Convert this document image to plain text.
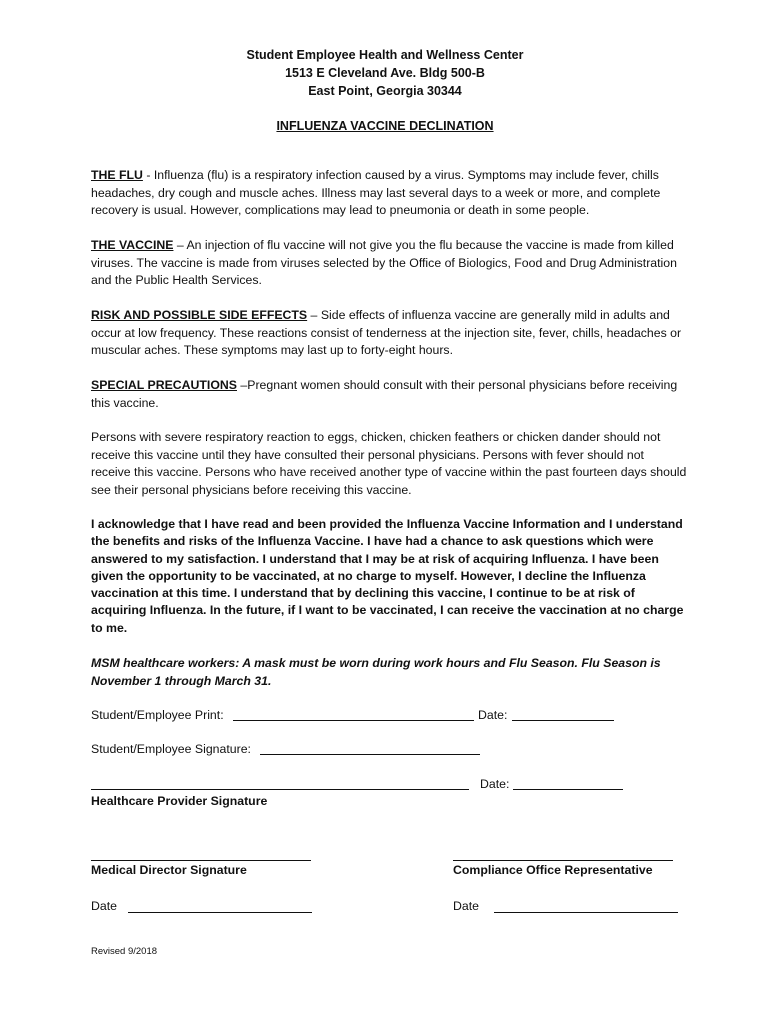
Student Employee Health and Wellness Center
1513 E Cleveland Ave. Bldg 500-B
East Point, Georgia 30344
INFLUENZA VACCINE DECLINATION
THE FLU - Influenza (flu) is a respiratory infection caused by a virus. Symptoms may include fever, chills headaches, dry cough and muscle aches. Illness may last several days to a week or more, and complete recovery is usual. However, complications may lead to pneumonia or death in some people.
THE VACCINE – An injection of flu vaccine will not give you the flu because the vaccine is made from killed viruses. The vaccine is made from viruses selected by the Office of Biologics, Food and Drug Administration and the Public Health Services.
RISK AND POSSIBLE SIDE EFFECTS – Side effects of influenza vaccine are generally mild in adults and occur at low frequency. These reactions consist of tenderness at the injection site, fever, chills, headaches or muscular aches. These symptoms may last up to forty-eight hours.
SPECIAL PRECAUTIONS –Pregnant women should consult with their personal physicians before receiving this vaccine.
Persons with severe respiratory reaction to eggs, chicken, chicken feathers or chicken dander should not receive this vaccine until they have consulted their personal physicians. Persons with fever should not receive this vaccine. Persons who have received another type of vaccine within the past fourteen days should see their personal physicians before receiving this vaccine.
I acknowledge that I have read and been provided the Influenza Vaccine Information and I understand the benefits and risks of the Influenza Vaccine. I have had a chance to ask questions which were answered to my satisfaction. I understand that I may be at risk of acquiring Influenza. I have been given the opportunity to be vaccinated, at no charge to myself. However, I decline the Influenza vaccination at this time. I understand that by declining this vaccine, I continue to be at risk of acquiring Influenza. In the future, if I want to be vaccinated, I can receive the vaccination at no charge to me.
MSM healthcare workers: A mask must be worn during work hours and Flu Season. Flu Season is November 1 through March 31.
Student/Employee Print:	Date:
Student/Employee Signature:
Date:
Healthcare Provider Signature
Medical Director Signature	Compliance Office Representative
Date	Date
Revised 9/2018
